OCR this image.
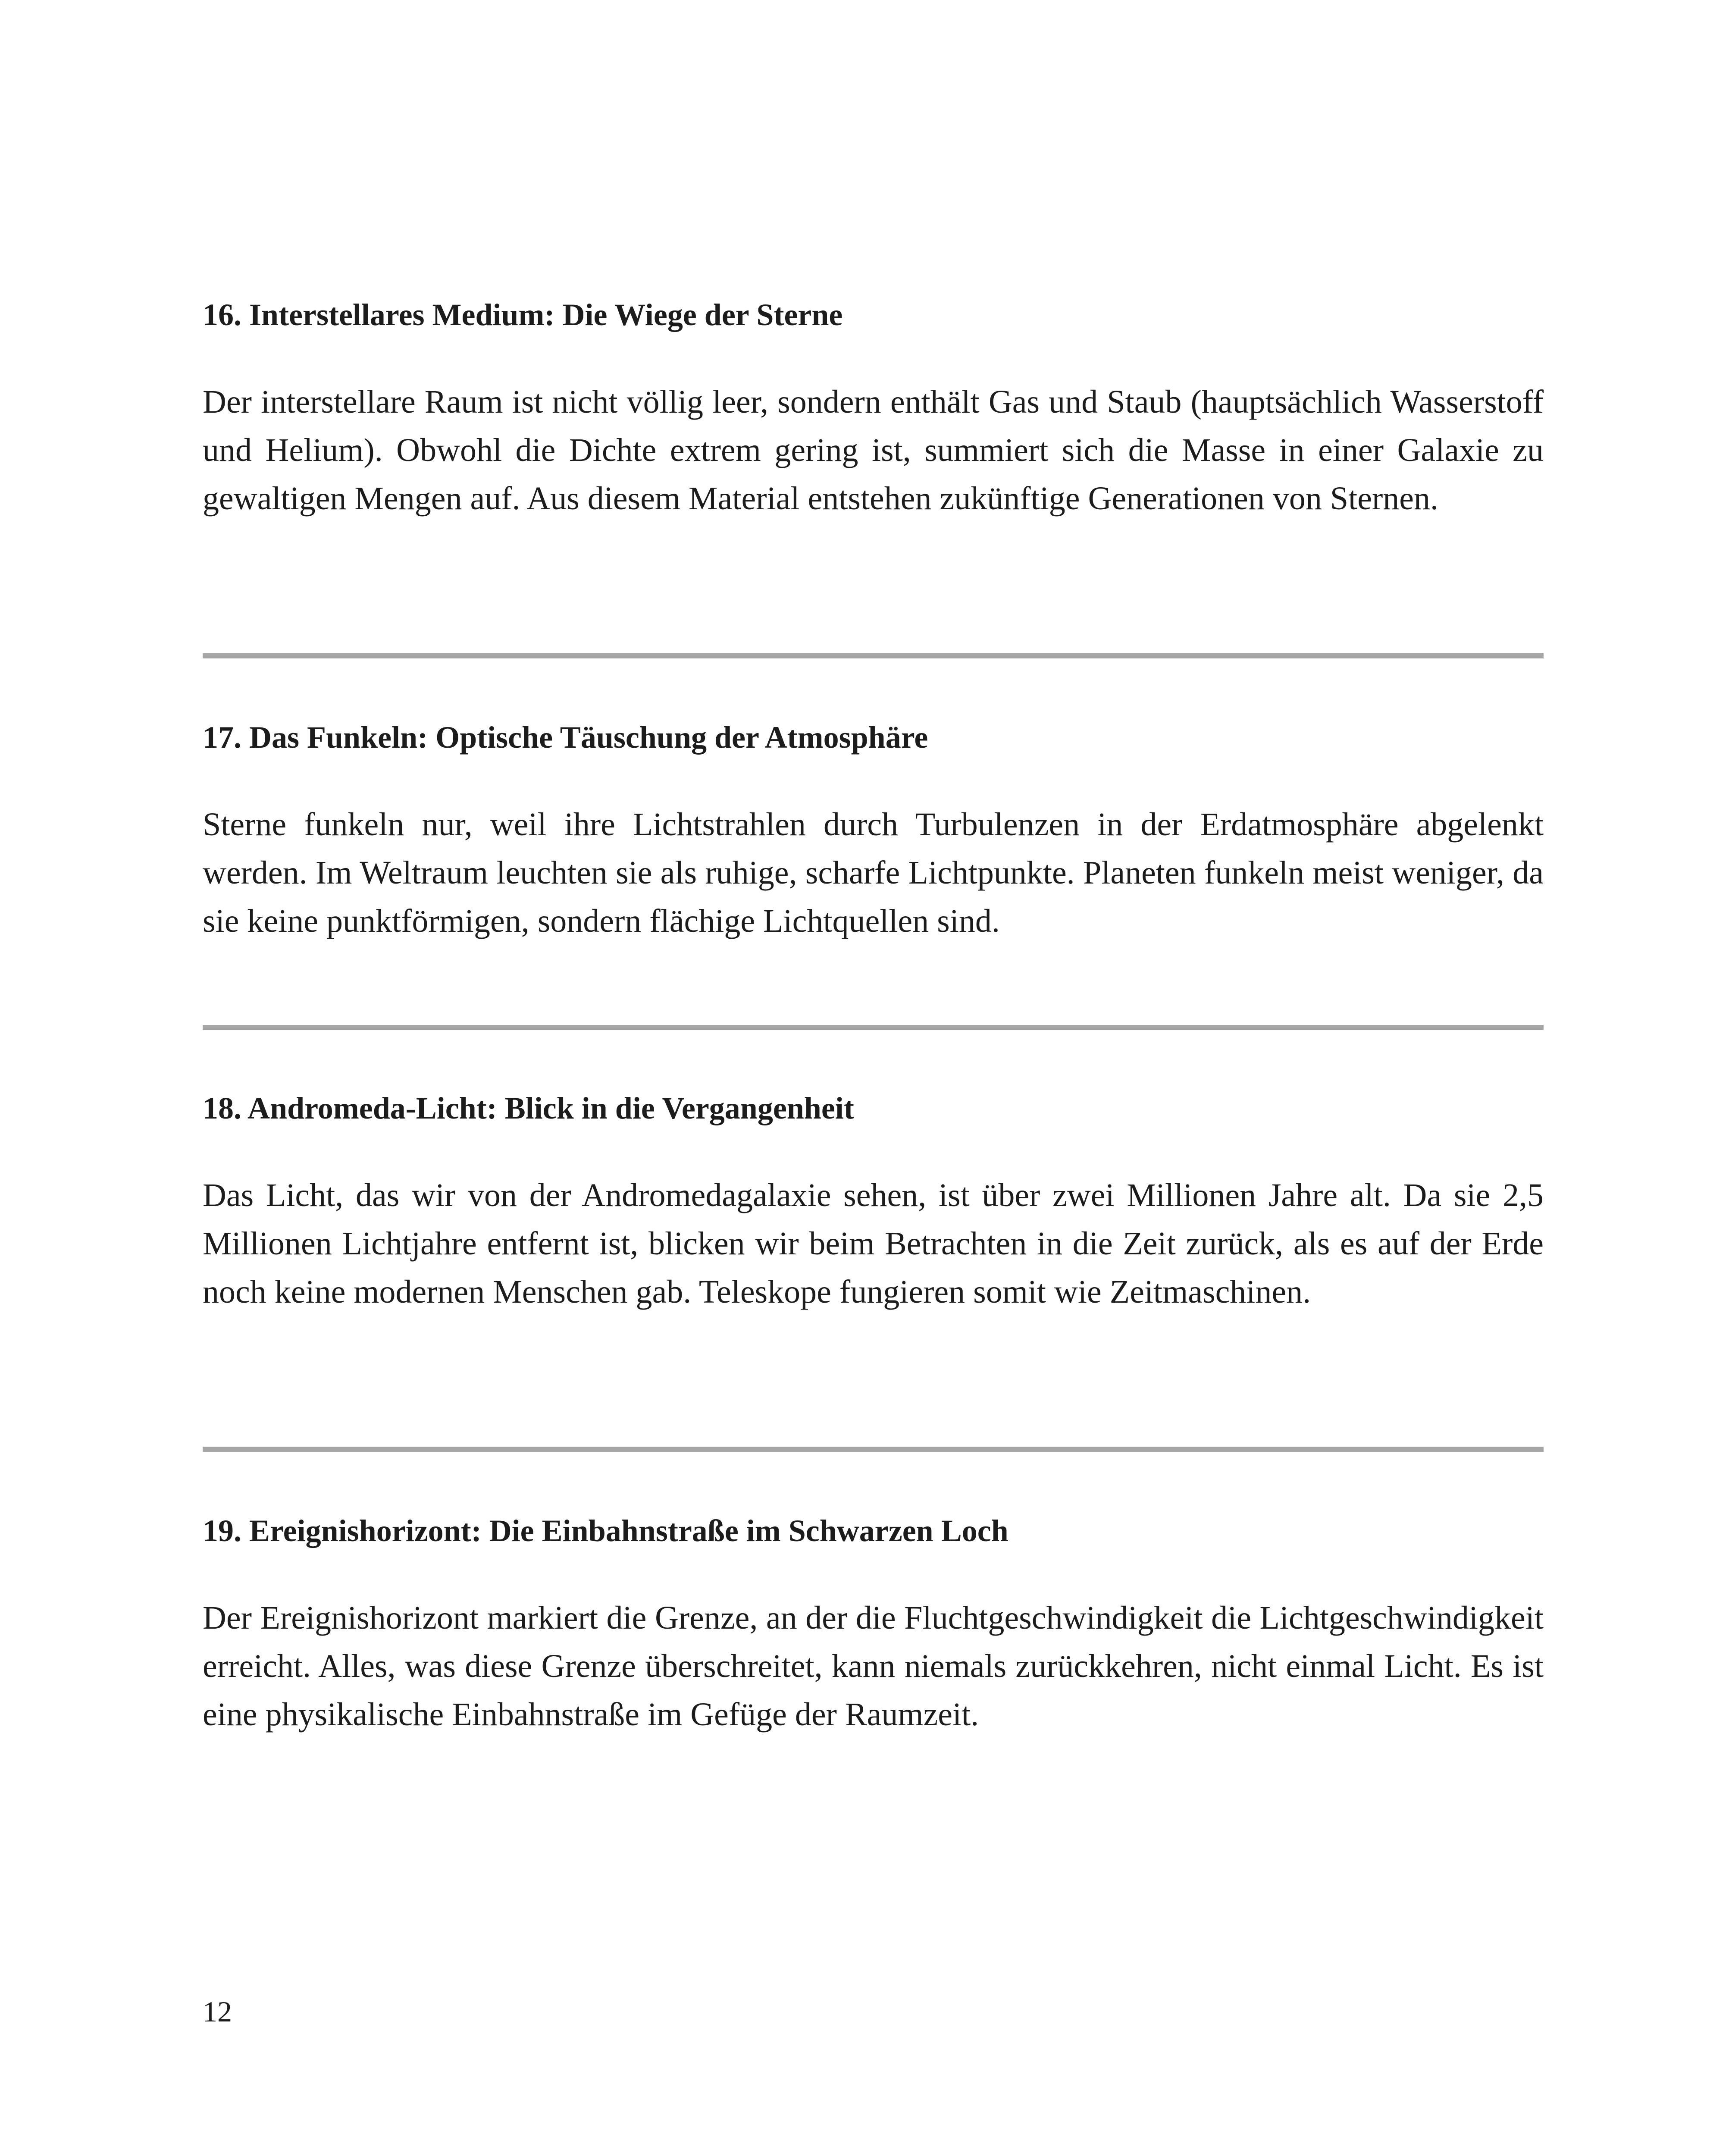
16. Interstellares Medium: Die Wiege der Sterne

Der interstellare Raum ist nicht völlig leer, sondern enthält Gas und Staub (hauptsächlich Wasserstoff und Helium). Obwohl die Dichte extrem gering ist, summiert sich die Masse in einer Galaxie zu gewaltigen Mengen auf. Aus diesem Material entstehen zukünftige Generationen von Sternen.

17. Das Funkeln: Optische Täuschung der Atmosphäre

Sterne funkeln nur, weil ihre Lichtstrahlen durch Turbulenzen in der Erdatmosphäre abgelenkt werden. Im Weltraum leuchten sie als ruhige, scharfe Lichtpunkte. Planeten funkeln meist weniger, da sie keine punktförmigen, sondern flächige Lichtquellen sind.

18. Andromeda-Licht: Blick in die Vergangenheit

Das Licht, das wir von der Andromedagalaxie sehen, ist über zwei Millionen Jahre alt. Da sie 2,5 Millionen Lichtjahre entfernt ist, blicken wir beim Betrachten in die Zeit zurück, als es auf der Erde noch keine modernen Menschen gab. Teleskope fungieren somit wie Zeitmaschinen.

19. Ereignishorizont: Die Einbahnstraße im Schwarzen Loch

Der Ereignishorizont markiert die Grenze, an der die Fluchtgeschwindigkeit die Lichtgeschwindigkeit erreicht. Alles, was diese Grenze überschreitet, kann niemals zurückkehren, nicht einmal Licht. Es ist eine physikalische Einbahnstraße im Gefüge der Raumzeit.

12
